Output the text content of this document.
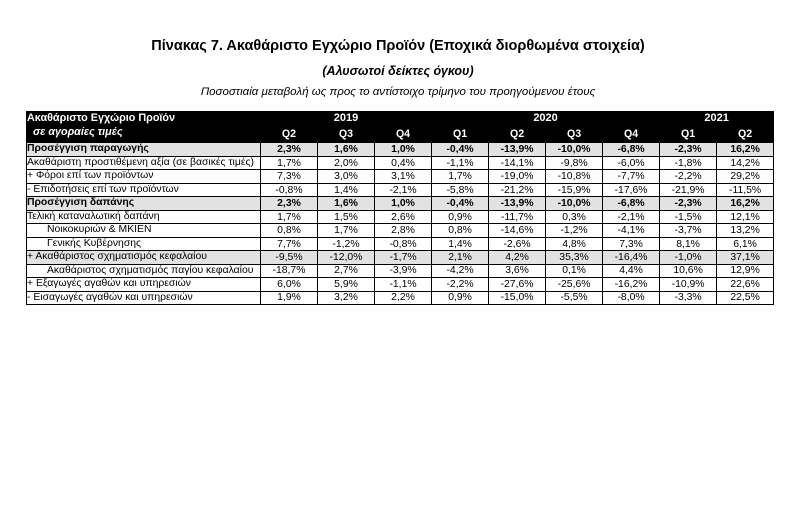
Πίνακας 7. Ακαθάριστο Εγχώριο Προϊόν (Εποχικά διορθωμένα στοιχεία)
(Αλυσωτοί δείκτες όγκου)
Ποσοστιαία μεταβολή ως προς το αντίστοιχο τρίμηνο του προηγούμενου έτους
Ακαθάριστο Εγχώριο Προϊόν	2019			2020				2021	
σε αγοραίες τιμές	Q2	Q3	Q4	Q1	Q2	Q3	Q4	Q1	Q2
Προσέγγιση παραγωγής	2,3%	1,6%	1,0%	-0,4%	-13,9%	-10,0%	-6,8%	-2,3%	16,2%
Ακαθάριστη προστιθέμενη αξία (σε βασικές τιμές)	1,7%	2,0%	0,4%	-1,1%	-14,1%	-9,8%	-6,0%	-1,8%	14,2%
+ Φόροι επί των προϊόντων	7,3%	3,0%	3,1%	1,7%	-19,0%	-10,8%	-7,7%	-2,2%	29,2%
- Επιδοτήσεις επί των προϊόντων	-0,8%	1,4%	-2,1%	-5,8%	-21,2%	-15,9%	-17,6%	-21,9%	-11,5%
Προσέγγιση δαπάνης	2,3%	1,6%	1,0%	-0,4%	-13,9%	-10,0%	-6,8%	-2,3%	16,2%
Τελική καταναλωτική δαπάνη	1,7%	1,5%	2,6%	0,9%	-11,7%	0,3%	-2,1%	-1,5%	12,1%
Νοικοκυριών & ΜΚΙΕΝ	0,8%	1,7%	2,8%	0,8%	-14,6%	-1,2%	-4,1%	-3,7%	13,2%
Γενικής Κυβέρνησης	7,7%	-1,2%	-0,8%	1,4%	-2,6%	4,8%	7,3%	8,1%	6,1%
+ Ακαθάριστος σχηματισμός κεφαλαίου	-9,5%	-12,0%	-1,7%	2,1%	4,2%	35,3%	-16,4%	-1,0%	37,1%
Ακαθάριστος σχηματισμός παγίου κεφαλαίου	-18,7%	2,7%	-3,9%	-4,2%	3,6%	0,1%	4,4%	10,6%	12,9%
+ Εξαγωγές αγαθών και υπηρεσιών	6,0%	5,9%	-1,1%	-2,2%	-27,6%	-25,6%	-16,2%	-10,9%	22,6%
- Εισαγωγές αγαθών και υπηρεσιών	1,9%	3,2%	2,2%	0,9%	-15,0%	-5,5%	-8,0%	-3,3%	22,5%
